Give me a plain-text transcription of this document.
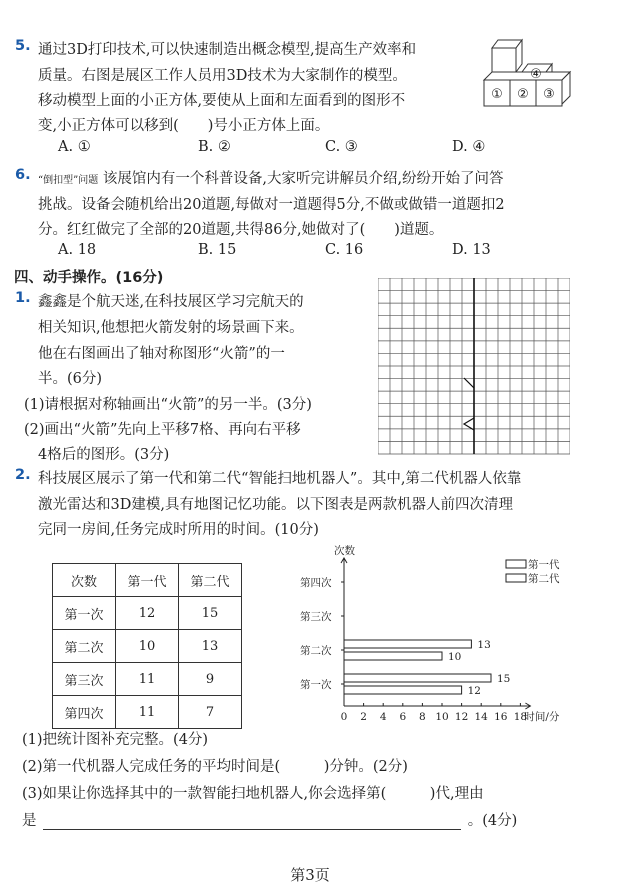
5. 通过3D打印技术,可以快速制造出概念模型,提高生产效率和
质量。右图是展区工作人员用3D技术为大家制作的模型。
移动模型上面的小正方体,要使从上面和左面看到的图形不
变,小正方体可以移到(　　)号小正方体上面。
A. ①	B. ②	C. ③	D. ④
① ② ③
④
6. “倒扣型”问题 该展馆内有一个科普设备,大家听完讲解员介绍,纷纷开始了问答
挑战。设备会随机给出20道题,每做对一道题得5分,不做或做错一道题扣2
分。红红做完了全部的20道题,共得86分,她做对了(　　)道题。
A. 18	B. 15	C. 16	D. 13
四、动手操作。(16分)
1. 鑫鑫是个航天迷,在科技展区学习完航天的
相关知识,他想把火箭发射的场景画下来。
他在右图画出了轴对称图形“火箭”的一
半。(6分)
(1)请根据对称轴画出“火箭”的另一半。(3分)
(2)画出“火箭”先向上平移7格、再向右平移
4格后的图形。(3分)
2. 科技展区展示了第一代和第二代“智能扫地机器人”。其中,第二代机器人依靠
激光雷达和3D建模,具有地图记忆功能。以下图表是两款机器人前四次清理
完同一房间,任务完成时所用的时间。(10分)
次数	第一代	第二代
第一次	12	15
第二次	10	13
第三次	11	9
第四次	11	7
次数
0 2 4 6 8 10 12 14 16 18
时间/分
第一次	12
15
第二次	10
13
第三次
第四次
第一代
第二代
(1)把统计图补充完整。(4分)
(2)第一代机器人完成任务的平均时间是(　　　)分钟。(2分)
(3)如果让你选择其中的一款智能扫地机器人,你会选择第(　　　)代,理由
是	。(4分)
第3页
